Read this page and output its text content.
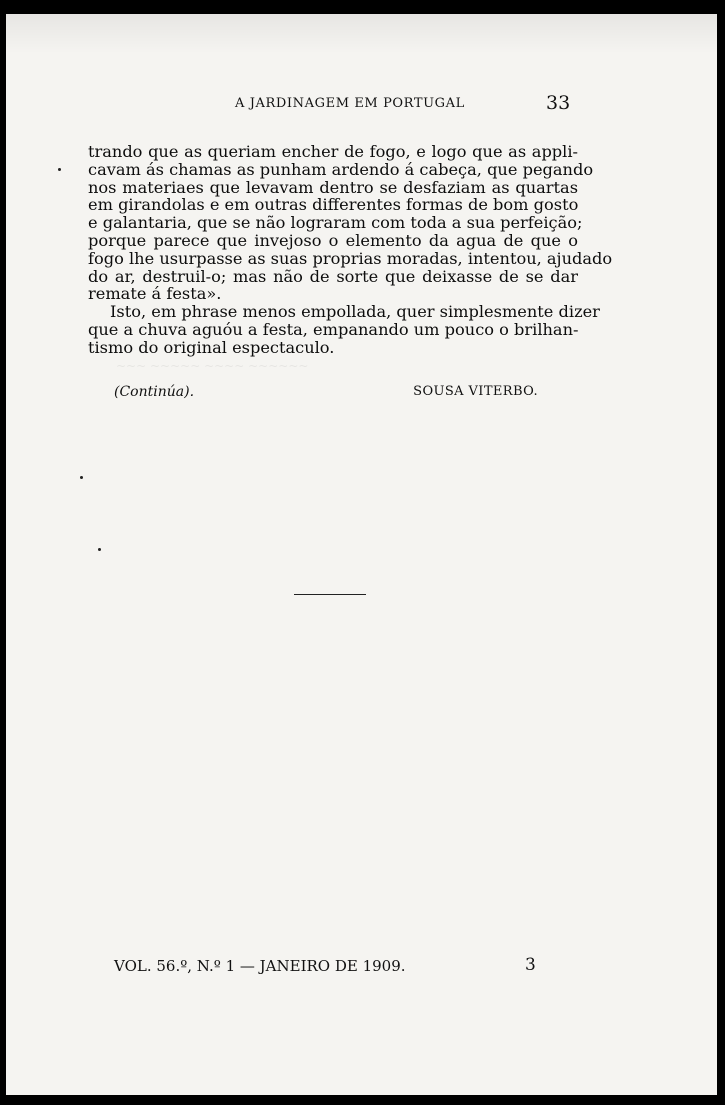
~~~ ~~~~~ ~~~~ ~~~~~~
A JARDINAGEM EM PORTUGAL	33
trando que as queriam encher de fogo, e logo que as appli-
cavam ás chamas as punham ardendo á cabeça, que pegando
nos materiaes que levavam dentro se desfaziam as quartas
em girandolas e em outras differentes formas de bom gosto
e galantaria, que se não lograram com toda a sua perfeição;
porque parece que invejoso o elemento da agua de que o
fogo lhe usurpasse as suas proprias moradas, intentou, ajudado
do ar, destruil-o; mas não de sorte que deixasse de se dar
remate á festa».
Isto, em phrase menos empollada, quer simplesmente dizer
que a chuva aguóu a festa, empanando um pouco o brilhan-
tismo do original espectaculo.
(Continúa).	SOUSA VITERBO.
VOL. 56.º, N.º 1 — JANEIRO DE 1909.	3
